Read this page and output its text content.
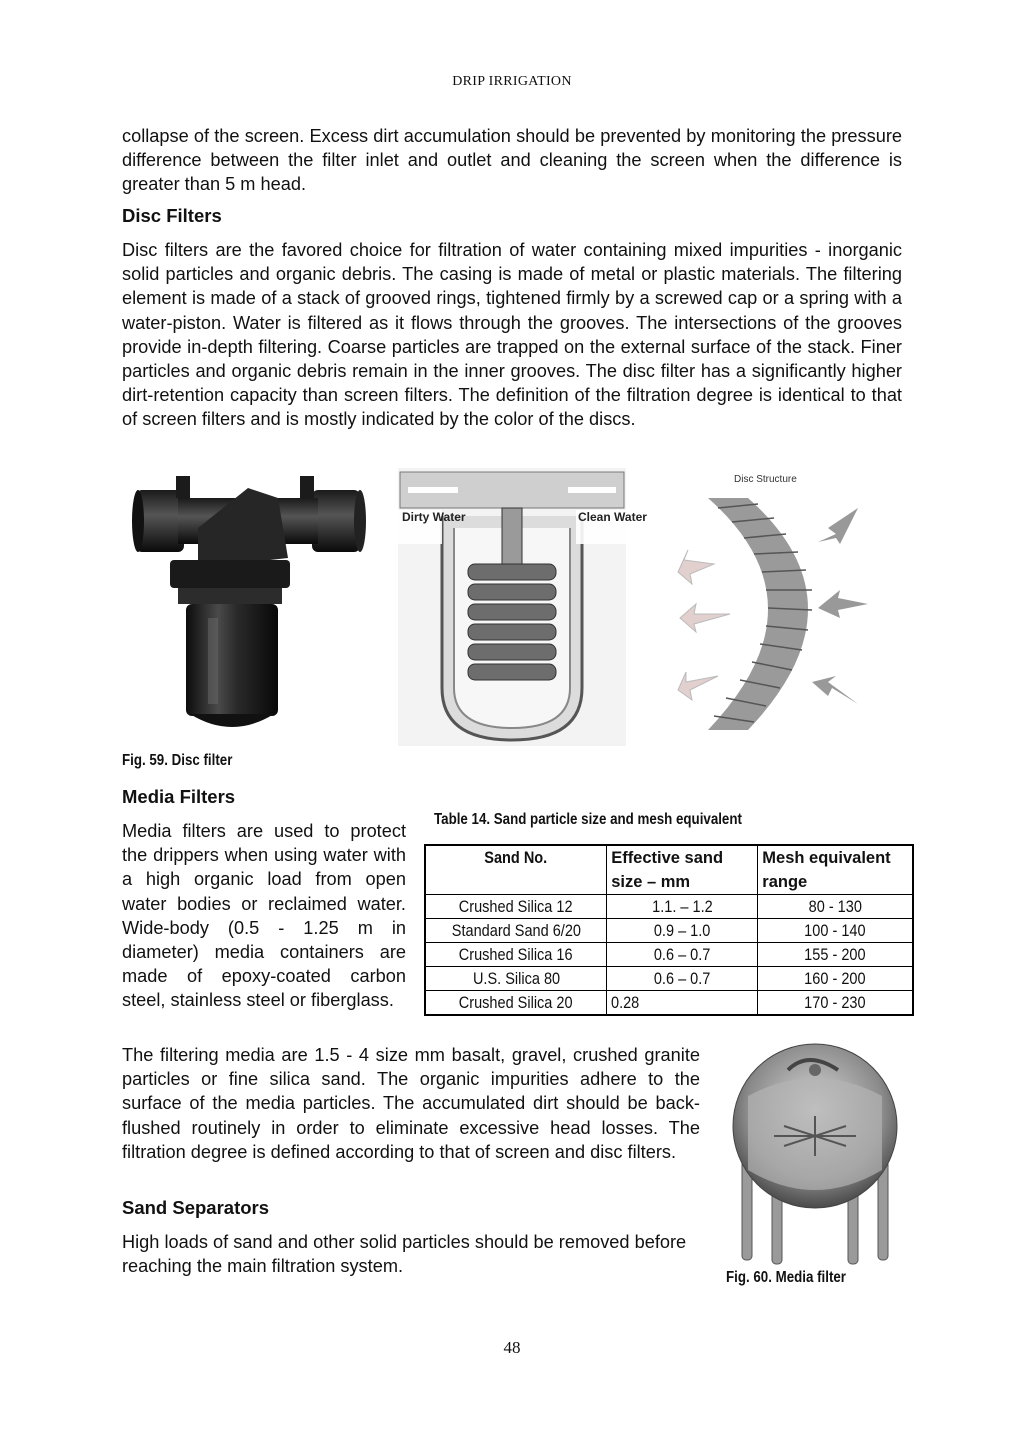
DRIP IRRIGATION

collapse of the screen. Excess dirt accumulation should be prevented by monitoring the pressure difference between the filter inlet and outlet and cleaning the screen when the difference is greater than 5 m head.

Disc Filters

Disc filters are the favored choice for filtration of water containing mixed impurities - inorganic solid particles and organic debris. The casing is made of metal or plastic materials. The filtering element is made of a stack of grooved rings, tightened firmly by a screwed cap or a spring with a water-piston. Water is filtered as it flows through the grooves. The intersections of the grooves provide in-depth filtering. Coarse particles are trapped on the external surface of the stack. Finer particles and organic debris remain in the inner grooves. The disc filter has a significantly higher dirt-retention capacity than screen filters. The definition of the filtration degree is identical to that of screen filters and is mostly indicated by the color of the discs.

Dirty Water	Clean Water
Disc Structure
Fig. 59. Disc filter
Media Filters

Media filters are used to protect the drippers when using water with a high organic load from open water bodies or reclaimed water. Wide-body (0.5 - 1.25 m in diameter) media containers are made of epoxy-coated carbon steel, stainless steel or fiberglass.

Table 14. Sand particle size and mesh equivalent
Sand No.	Effective sand size – mm	Mesh equivalent range
Crushed Silica 12	1.1. – 1.2	80 - 130
Standard Sand 6/20	0.9 – 1.0	100 - 140
Crushed Silica 16	0.6 – 0.7	155 - 200
U.S. Silica 80	0.6 – 0.7	160 - 200
Crushed Silica 20	0.28	170 - 230

The filtering media are 1.5 - 4 size mm basalt, gravel, crushed granite particles or fine silica sand. The organic impurities adhere to the surface of the media particles. The accumulated dirt should be back-flushed routinely in order to eliminate excessive head losses. The filtration degree is defined according to that of screen and disc filters.

Sand Separators

High loads of sand and other solid particles should be removed before reaching the main filtration system.

Fig. 60. Media filter
48
